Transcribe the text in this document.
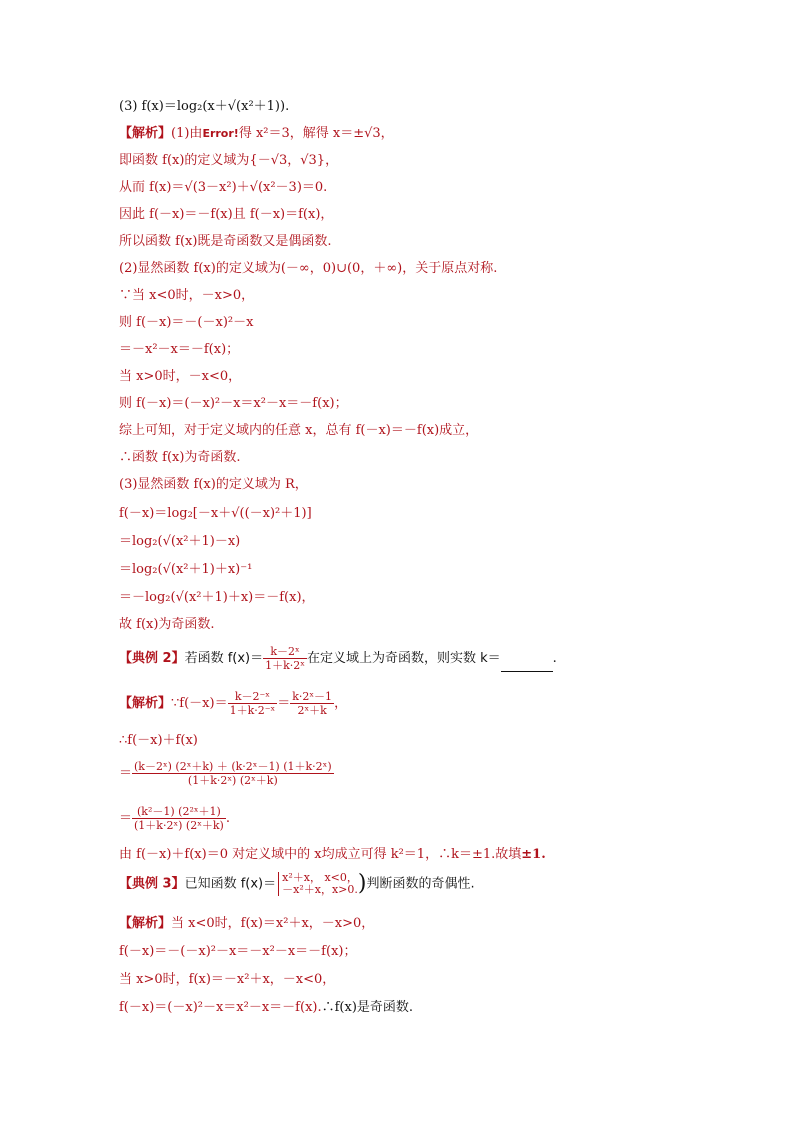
(3) f(x)＝log₂(x＋√(x²＋1)).
【解析】(1)由Error!得 x²＝3，解得 x＝±√3，
即函数 f(x)的定义域为{－√3，√3}，
从而 f(x)＝√(3－x²)＋√(x²－3)＝0.
因此 f(－x)＝－f(x)且 f(－x)＝f(x)，
所以函数 f(x)既是奇函数又是偶函数.
(2)显然函数 f(x)的定义域为(－∞，0)∪(0，＋∞)，关于原点对称.
∵当 x<0时，－x>0，
则 f(－x)＝－(－x)²－x
＝－x²－x＝－f(x)；
当 x>0时，－x<0，
则 f(－x)＝(－x)²－x＝x²－x＝－f(x)；
综上可知，对于定义域内的任意 x，总有 f(－x)＝－f(x)成立，
∴函数 f(x)为奇函数.
(3)显然函数 f(x)的定义域为 R，
f(－x)＝log₂[－x＋√((－x)²＋1)]
＝log₂(√(x²＋1)－x)
＝log₂(√(x²＋1)＋x)⁻¹
＝－log₂(√(x²＋1)＋x)＝－f(x)，
故 f(x)为奇函数.
【典例 2】若函数 $f(x)= \frac{\text{k－2ˣ}}{\text{1＋k·2ˣ}}$ 在定义域上为奇函数，则实数 k＝	.
【解析】∵f(－x)＝ $\frac{\text{k－2⁻ˣ}}{\text{1＋k·2⁻ˣ}} = \frac{\text{k·2ˣ－1}}{\text{2ˣ＋k}}$ ，
∴f(－x)＋f(x)
＝ $\frac{\text{(k－2ˣ) (2ˣ＋k) ＋ (k·2ˣ－1) (1＋k·2ˣ)}}{\text{(1＋k·2ˣ) (2ˣ＋k)}}$
＝ $\frac{\text{(k²－1) (2²ˣ＋1)}}{\text{(1＋k·2ˣ) (2ˣ＋k)}}$ .
由 f(－x)＋f(x)＝0 对定义域中的 x均成立可得 k²＝1，∴k＝±1.故填±1.
【典例 3】已知函数 f(x)＝ x²＋x， x<0，
－x²＋x，x>0. )判断函数的奇偶性.
【解析】当 x<0时，f(x)＝x²＋x，－x>0，
f(－x)＝－(－x)²－x＝－x²－x＝－f(x)；
当 x>0时，f(x)＝－x²＋x，－x<0，
f(－x)＝(－x)²－x＝x²－x＝－f(x).∴f(x)是奇函数.
